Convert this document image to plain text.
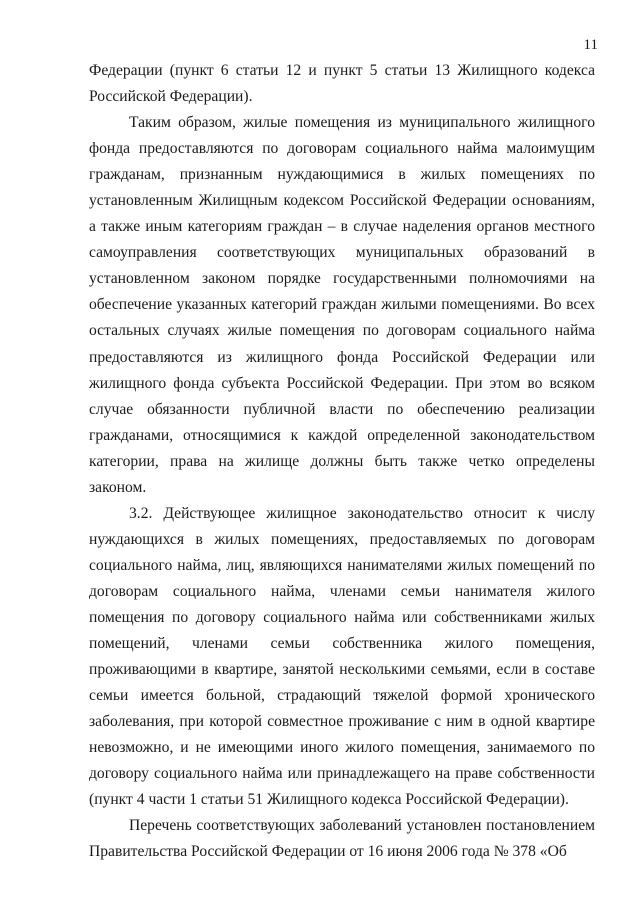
11

Федерации (пункт 6 статьи 12 и пункт 5 статьи 13 Жилищного кодекса Российской Федерации).

Таким образом, жилые помещения из муниципального жилищного фонда предоставляются по договорам социального найма малоимущим гражданам, признанным нуждающимися в жилых помещениях по установленным Жилищным кодексом Российской Федерации основаниям, а также иным категориям граждан – в случае наделения органов местного самоуправления соответствующих муниципальных образований в установленном законом порядке государственными полномочиями на обеспечение указанных категорий граждан жилыми помещениями. Во всех остальных случаях жилые помещения по договорам социального найма предоставляются из жилищного фонда Российской Федерации или жилищного фонда субъекта Российской Федерации. При этом во всяком случае обязанности публичной власти по обеспечению реализации гражданами, относящимися к каждой определенной законодательством категории, права на жилище должны быть также четко определены законом.

3.2. Действующее жилищное законодательство относит к числу нуждающихся в жилых помещениях, предоставляемых по договорам социального найма, лиц, являющихся нанимателями жилых помещений по договорам социального найма, членами семьи нанимателя жилого помещения по договору социального найма или собственниками жилых помещений, членами семьи собственника жилого помещения, проживающими в квартире, занятой несколькими семьями, если в составе семьи имеется больной, страдающий тяжелой формой хронического заболевания, при которой совместное проживание с ним в одной квартире невозможно, и не имеющими иного жилого помещения, занимаемого по договору социального найма или принадлежащего на праве собственности (пункт 4 части 1 статьи 51 Жилищного кодекса Российской Федерации).

Перечень соответствующих заболеваний установлен постановлением Правительства Российской Федерации от 16 июня 2006 года № 378 «Об
